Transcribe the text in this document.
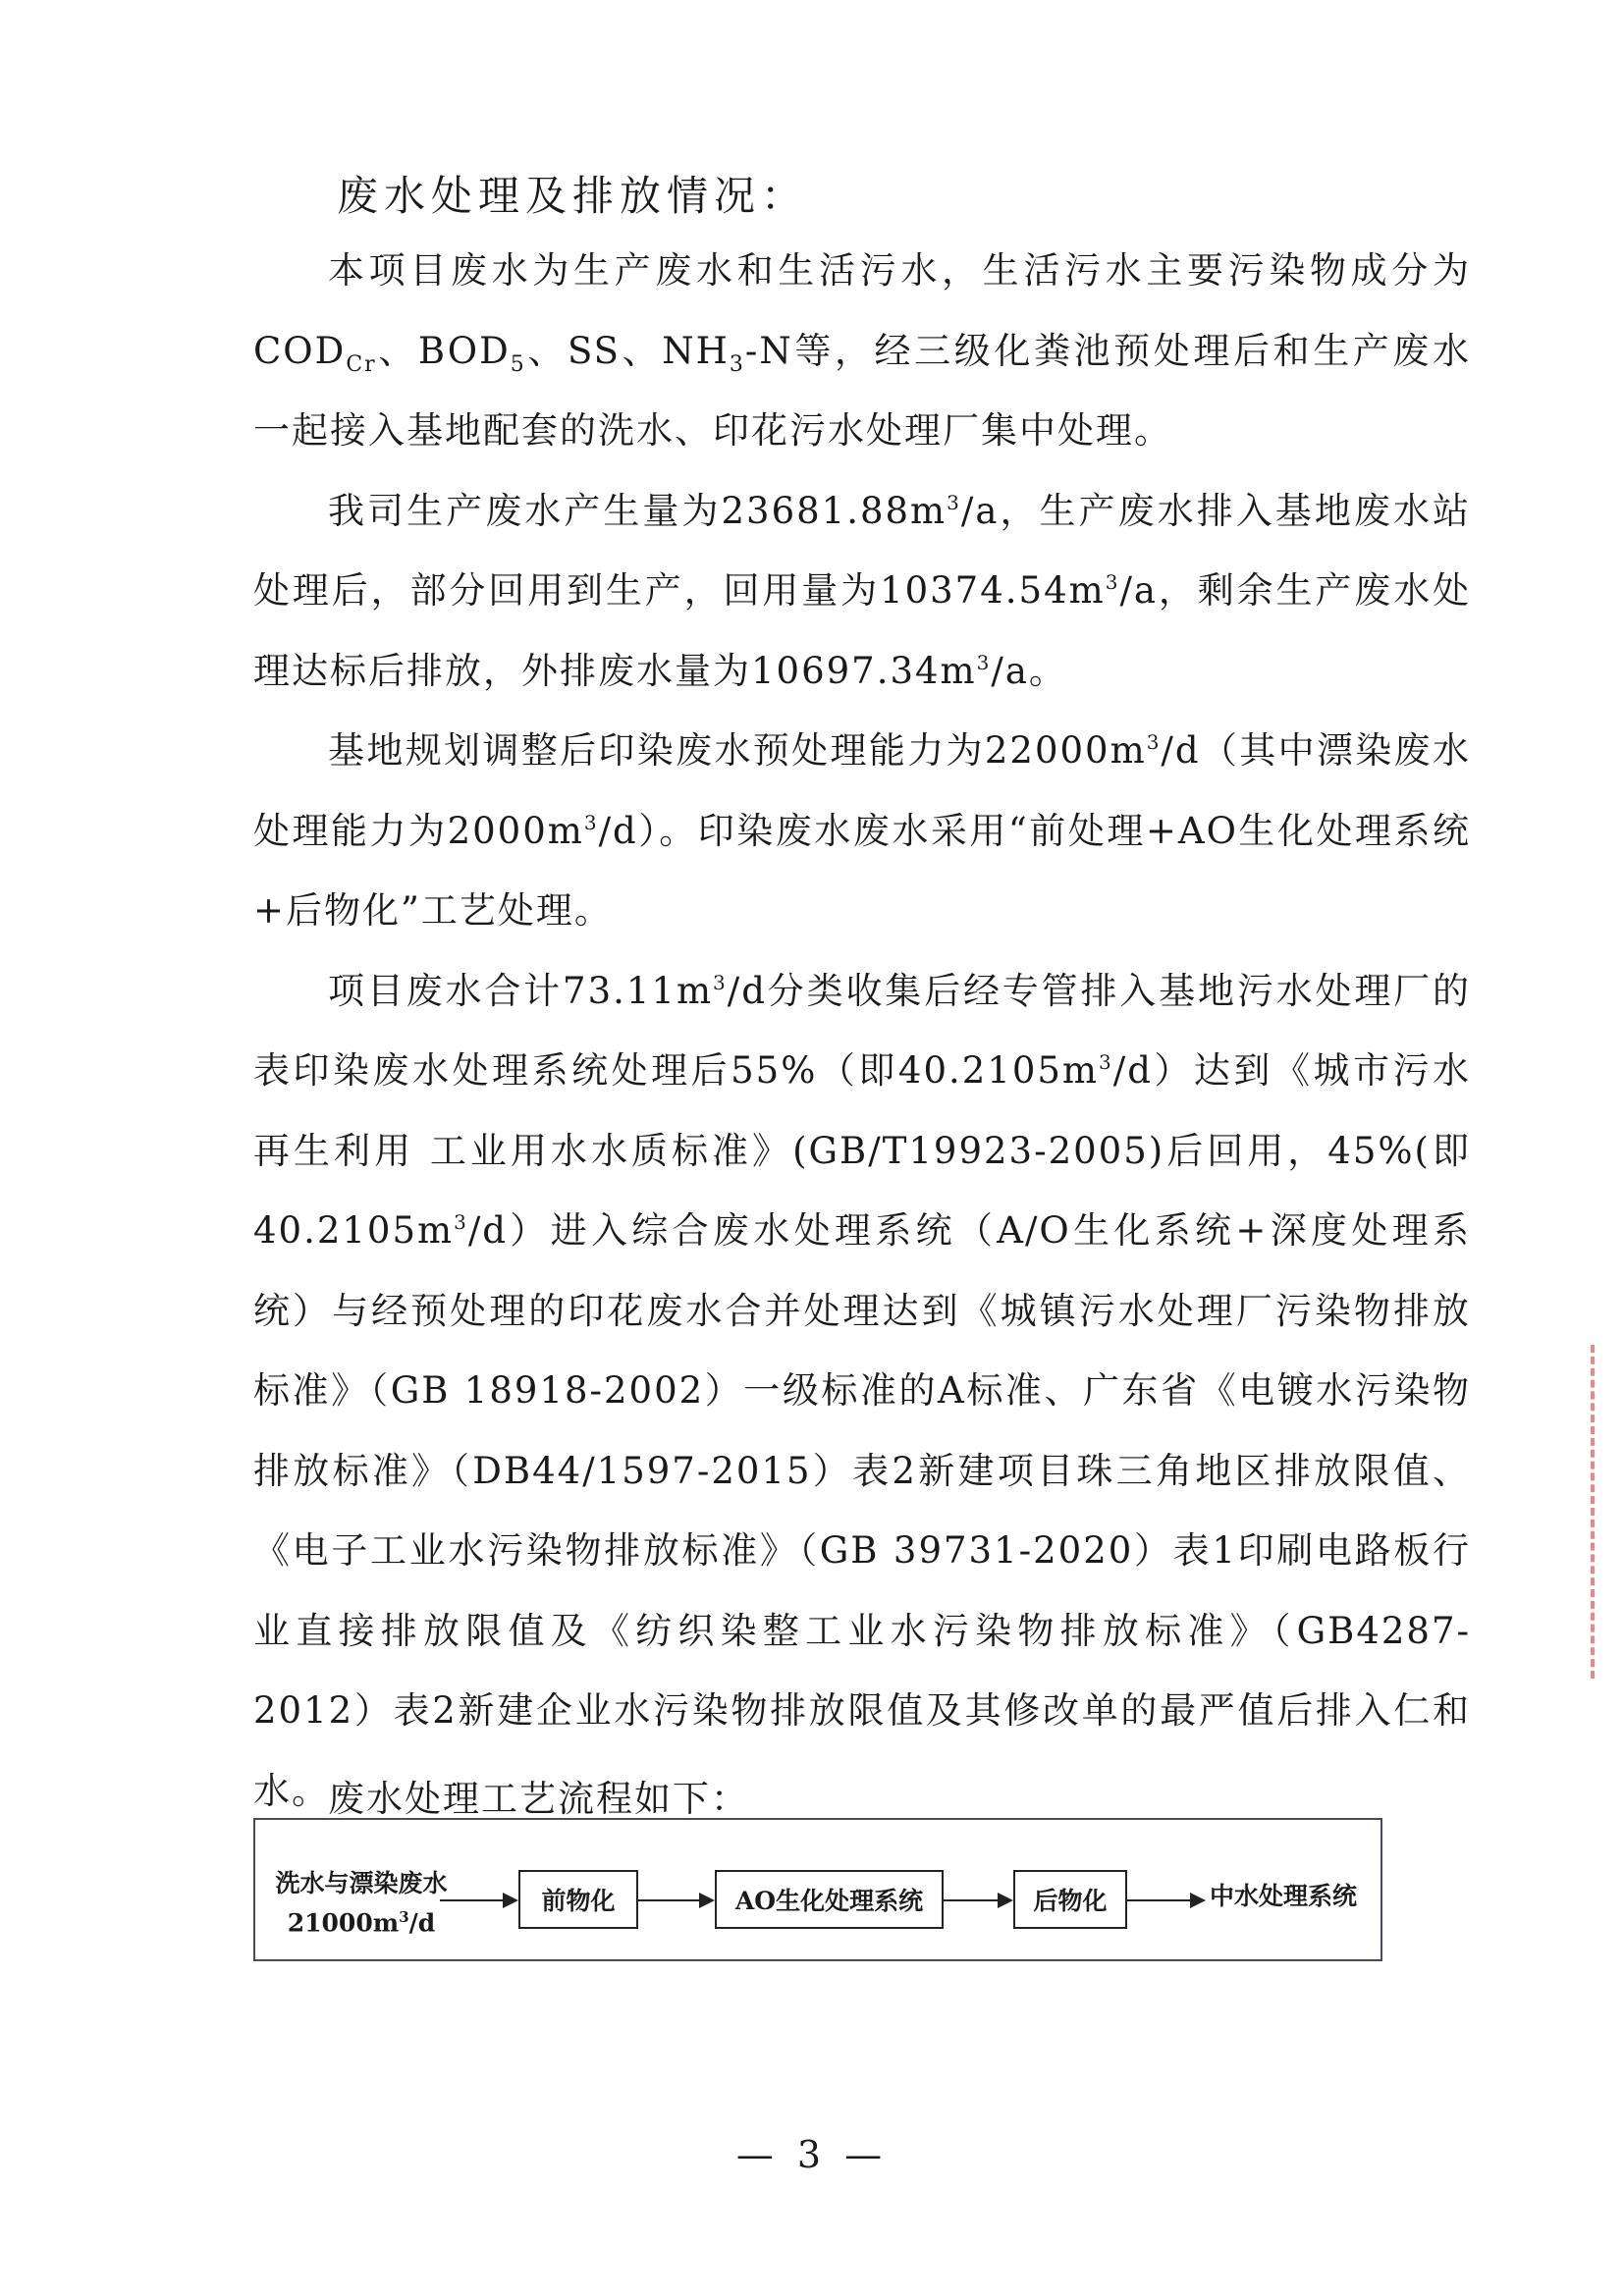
废水处理及排放情况：

本项目废水为生产废水和生活污水，生活污水主要污染物成分为$COD_{Cr}$、$BOD_5$、SS、$NH_3-N$等，经三级化粪池预处理后和生产废水一起接入基地配套的洗水、印花污水处理厂集中处理。

我司生产废水产生量为$23681.88m^3/a$，生产废水排入基地废水站处理后，部分回用到生产，回用量为$10374.54m^3/a$，剩余生产废水处理达标后排放，外排废水量为$10697.34m^3/a$。

基地规划调整后印染废水预处理能力为$22000m^3/d$（其中漂染废水处理能力为$2000m^3/d$）。印染废水废水采用“前处理+AO生化处理系统+后物化”工艺处理。

项目废水合计$73.11m^3/d$分类收集后经专管排入基地污水处理厂的表印染废水处理系统处理后55%（即$40.2105m^3/d$）达到《城市污水再生利用 工业用水水质标准》(GB/T19923-2005)后回用，45%(即$40.2105m^3/d$）进入综合废水处理系统（A/O生化系统+深度处理系统）与经预处理的印花废水合并处理达到《城镇污水处理厂污染物排放标准》（GB 18918-2002）一级标准的A标准、广东省《电镀水污染物排放标准》（DB44/1597-2015）表2新建项目珠三角地区排放限值、《电子工业水污染物排放标准》（GB 39731-2020）表1印刷电路板行业直接排放限值及《纺织染整工业水污染物排放标准》（GB4287-2012）表2新建企业水污染物排放限值及其修改单的最严值后排入仁和水。

废水处理工艺流程如下：
洗水与漂染废水
$21000m^3/d$
前物化	AO生化处理系统	后物化	中水处理系统
— 3 —
